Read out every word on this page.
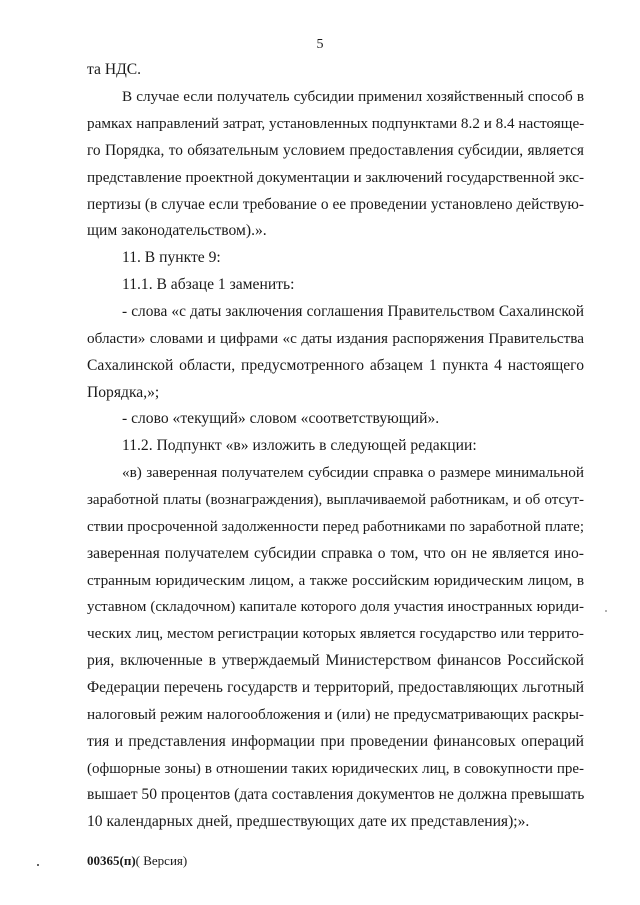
5
та НДС.
В случае если получатель субсидии применил хозяйственный способ в
рамках направлений затрат, установленных подпунктами 8.2 и 8.4 настояще-
го Порядка, то обязательным условием предоставления субсидии, является
представление проектной документации и заключений государственной экс-
пертизы (в случае если требование о ее проведении установлено действую-
щим законодательством).».
11. В пункте 9:
11.1. В абзаце 1 заменить:
- слова «с даты заключения соглашения Правительством Сахалинской
области» словами и цифрами «с даты издания распоряжения Правительства
Сахалинской области, предусмотренного абзацем 1 пункта 4 настоящего
Порядка,»;
- слово «текущий» словом «соответствующий».
11.2. Подпункт «в» изложить в следующей редакции:
«в) заверенная получателем субсидии справка о размере минимальной
заработной платы (вознаграждения), выплачиваемой работникам, и об отсут-
ствии просроченной задолженности перед работниками по заработной плате;
заверенная получателем субсидии справка о том, что он не является ино-
странным юридическим лицом, а также российским юридическим лицом, в
уставном (складочном) капитале которого доля участия иностранных юриди-
ческих лиц, местом регистрации которых является государство или террито-
рия, включенные в утверждаемый Министерством финансов Российской
Федерации перечень государств и территорий, предоставляющих льготный
налоговый режим налогообложения и (или) не предусматривающих раскры-
тия и представления информации при проведении финансовых операций
(офшорные зоны) в отношении таких юридических лиц, в совокупности пре-
вышает 50 процентов (дата составления документов не должна превышать
10 календарных дней, предшествующих дате их представления);».
00365(п)( Версия)
